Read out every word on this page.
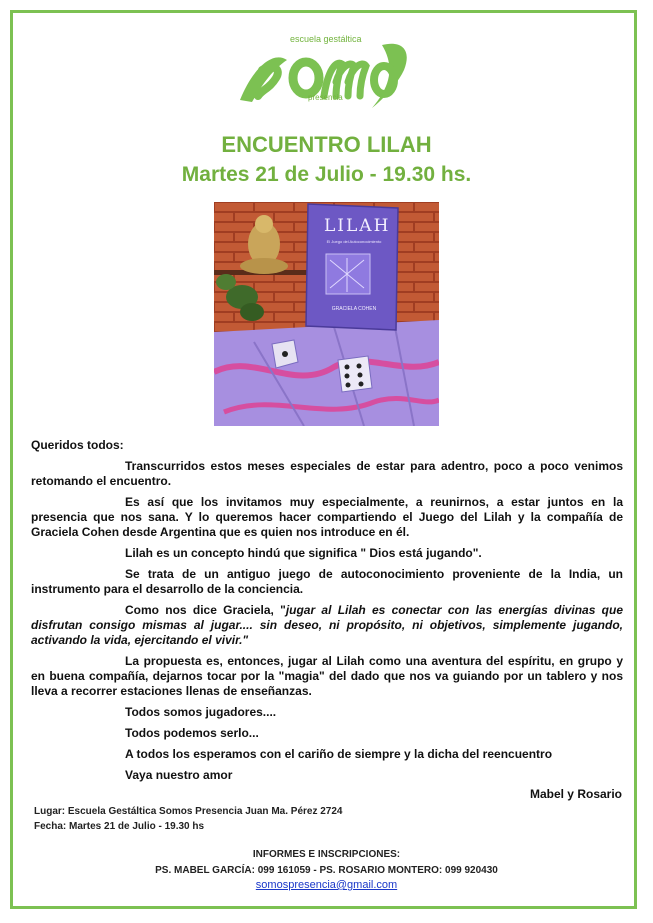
escuela gestáltica
presencia
ENCUENTRO LILAH
Martes 21 de Julio - 19.30 hs.
LILAH
El Juego del Autoconocimiento
GRACIELA COHEN

Queridos todos:

Transcurridos estos meses especiales de estar para adentro, poco a poco venimos retomando el encuentro.

Es así que los invitamos muy especialmente, a reunirnos, a estar juntos en la presencia que nos sana. Y lo queremos hacer compartiendo el Juego del Lilah y la compañía de Graciela Cohen desde Argentina que es quien nos introduce en él.

Lilah es un concepto hindú que significa " Dios está jugando".

Se trata de un antiguo juego de autoconocimiento proveniente de la India, un instrumento para el desarrollo de la conciencia.

Como nos dice Graciela, "jugar al Lilah es conectar con las energías divinas que disfrutan consigo mismas al jugar.... sin deseo, ni propósito, ni objetivos, simplemente jugando, activando la vida, ejercitando el vivir."

La propuesta es, entonces, jugar al Lilah como una aventura del espíritu, en grupo y en buena compañía, dejarnos tocar por la "magia" del dado que nos va guiando por un tablero y nos lleva a recorrer estaciones llenas de enseñanzas.

Todos somos jugadores....

Todos podemos serlo...

A todos los esperamos con el cariño de siempre y la dicha del reencuentro

Vaya nuestro amor

Mabel y Rosario

Lugar: Escuela Gestáltica Somos Presencia Juan Ma. Pérez 2724
Fecha: Martes 21 de Julio - 19.30 hs
INFORMES E INSCRIPCIONES:
PS. MABEL GARCÍA: 099 161059 - PS. ROSARIO MONTERO: 099 920430
somospresencia@gmail.com
